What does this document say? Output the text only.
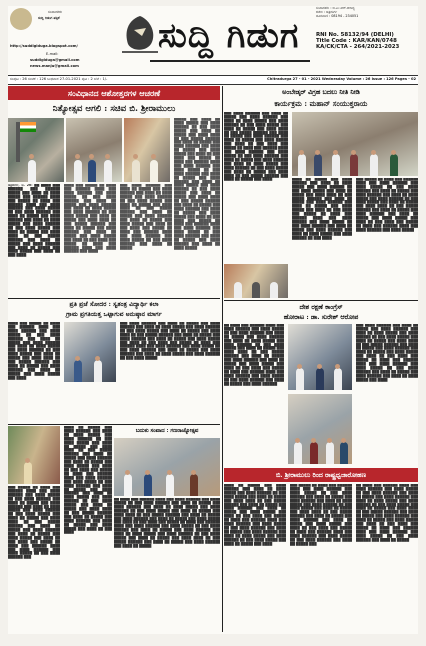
ಸಂಪಾದಕರು
ಸುದ್ದಿ ಗಿಡುಗ ಪತ್ರಿಕೆ
http://suddigiduga.blogspot.com/
E-mail:
suddigiduga@gmail.com
news.manju@gmail.com
ಸುದ್ದಿ ಗಿಡುಗ
ಸಂಪಾದಕರು : ಜಿ.ಎಂ.ಆರ್.ಆರಾಧ್ಯ
ಕಚೇರಿ : ಚಿತ್ರದುರ್ಗ
ದೂರವಾಣಿ : 08194 - 234051
RNI No. 58132/94 (DELHI)
Title Code : KAR/KAN/0748
KA/CK/CTA - 264/2021-2023
ಸಂಪುಟ : 26 ಸಂಚಿಕೆ : 126 ಬುಧವಾರ 27-01-2021 ಪುಟ : 2 ಬೆಲೆ : 1/-	Chitradurga 27 - 01 - 2021 Wednesday Volume : 26 Issue : 126 Pages - 02
ಸಂವಿಧಾನದ ಆಶೋತ್ತರಗಳ ಆಚರಣೆ
ನಿತ್ಯೋತ್ಸವ ಆಗಲಿ : ಸಚಿವ ಬಿ. ಶ್ರೀರಾಮುಲು
ಚಿತ್ರದುರ್ಗ, ಜ. 26: ██ ████ ███ ██████ ███ ██████ █████ ███ ████ ██ ████ █████ ███ ██████ ████ ███ █████ ██ ████ ███ ██████ ████ ███ ████ ██████ ███ ████ █████ ██ ███ ████ ██████ ███ ████ ██ █████ ███ ████ ██████ ███ ████ ██ ████ █████ ███ ████ ██████ ██ ███ ████ █████ ███ ████ ██ █████ ███ ████ ████ ██ ███ █████ ██████ ███ ████ ██ █████ ███ ████ ██████ ███ ████ ██ █████ ███ ████ █████ ███ ████ ██ ███ ████
████ ███ █████ ██ ████ ███ ██████ ████ ███ ████ ██████ ███ ████ █████ ██ ███ ████ ██████ ███ ████ ██ █████ ███ ████ ██████ ███ ████ ██ ████ █████ ███ ████ ██████ ██ ███ ████ █████ ███ ████ ██ █████ ███ ████ ████ ██ ███ █████ ██████ ███ ████ ██ █████ ███ ████ ██████ ███ ████ ██ █████ ███ ████ █████ ███ ████ ██ ███ ████ ███ █████ ██ ████ ███ ██████ ████ ███ ████ ██████ ███ ████
███ ████ ██████ ███ ████ ██ █████ ███ ████ ██████ ███ ████ ██ ████ █████ ███ ████ ██████ ██ ███ ████ █████ ███ ████ ██ █████ ███ ████ ████ ██ ███ █████ ██████ ███ ████ ██ █████ ███ ████ ██████ ███ ████ ██ █████ ███ ████ █████ ███ ████ ██ ███ ████ ███ █████ ██ ████ ███ ██████ ████ ███ ████ ██████ ███ ████ █████ ██ ███ ████ ██████ ███ ████ ██ █████
█████ ███ ████ ██ ████ █████ ███ ████ ██████ ██ ███ ████ █████ ███ ████ ██ █████ ███ ████ ████ ██ ███ █████ ██████ ███ ████ ██ █████ ███ ████ ██████ ███ ████ ██ █████ ███ ████ █████ ███ ████ ██ ███ ████ ███ █████ ██ ████ ███ ██████ ████ ███ ████ ██████ ███ ████ █████ ██ ███ ████ ██████ ███ ████ ██ █████ ███ ████ ██████ ███ ████ ██ ████ █████ ███ ████ ██████ ██ ███ ████ █████ ███ ████ ██ █████ ███ ████ ████ ██ ███ █████ ██████ ███ ████ ██ █████ ███ ████ ██████ ███ ████ ██ █████ ███ ████ █████ ███ ████ ██ ███ ████ ███ █████ ██ ████ ███ ██████ ████ ███ ████ ██████ ███ ████ █████ ██ ███ ████ ██████ ███ ████ ██ █████ ███ ████ ██████ ███ ████ ██ ████ █████
ಪ್ರತಿ ಪ್ರಜೆ ಸೋದರ : ಸ್ವತಂತ್ರ ವಿದ್ಯಾರ್ಥಿ ಕಲಾ
ಗ್ರಾಮ ಪ್ರಗತಿಯತ್ತ ಒಟ್ಟಾಗುವ ಅನುಷ್ಠಾನ ಮಾರ್ಗ
████ ███ █████ ██ ████ ███ ██████ ████ ███ ████ ██████ ███ ████ █████ ██ ███ ████ ██████ ███ ████ ██ █████ ███ ████ ██████ ███ ████ ██ ████ █████ ███ ████ ██████ ██ ███ ████ █████ ███ ████ ██ █████ ███ ████ ████ ██ ███ █████ ██████ ███ ████ ██ █████ ███ ████ ██████ ███ ████ ██ █████ ███ ████ █████ ███ ████
███ ████ ██████ ███ ████ ██ █████ ███ ████ ██████ ███ ████ ██ ████ █████ ███ ████ ██████ ██ ███ ████ █████ ███ ████ ██ █████ ███ ████ ████ ██ ███ █████ ██████ ███ ████ ██ █████ ███ ████ ██████ ███ ████ ██ █████ ███ ████ █████ ███ ████ ██ ███ ████ ███ █████ ██ ████ ███ ██████ ████ ███ ████ ██████ ███ ████ █████ ██ ███ ████ ██████ ███ ████ ██ █████ ███ ████ ██████ ███ ████ ██ ████ █████ ███ ████ ██████ ██ ███ ████ █████
ಬದುಕು ಸಂವಾದ : ಗಣರಾಜ್ಯೋತ್ಸವ
███ █████ ██ ████ ███ ██████ ████ ███ ████ ██████ ███ ████ █████ ██ ███ ████ ██████ ███ ████ ██ █████ ███ ████ ██████ ███ ████ ██ ████ █████ ███ ████ ██████ ██ ███ ████ █████ ███ ████ ██ █████ ███ ████ ████ ██ ███ █████ ██████ ███ ████ ██ █████ ███ ████ ██████ ███ ████ ██ █████ ███ ████ █████ ███ ████ ██ ███ ████ ███ █████ ██ ████ ███ ██████ ████ ███ ████ ██████ ███ ████ █████ ██ ███ ████ ██████ ███
████ ██ █████ ███ ████ ██████ ███ ████ ██ ████ █████ ███ ████ ██████ ██ ███ ████ █████ ███ ████ ██ █████ ███ ████ ████ ██ ███ █████ ██████ ███ ████ ██ █████ ███ ████ ██████ ███ ████ ██ █████ ███ ████ █████ ███ ████ ██ ███ ████ ███ █████ ██ ████ ███ ██████ ████ ███ ████ ██████ ███ ████ █████ ██ ███ ████ ██████ ███ ████ ██ █████ ███ ████ ██████ ███ ████ ██ ████ █████ ███ ████ ██████ ██ ███ ████ █████ ███ ████ ██ █████ ███ ████ ████ ██ ███ █████ ██████ ███ ████ ██ █████ ███ ████ ██████ ███ ████ ██ █████ ███ ████ █████ ███ ████ ██ ███ ████
██ ████ ███ ██████ ████ ███ ████ ██████ ███ ████ █████ ██ ███ ████ ██████ ███ ████ ██ █████ ███ ████ ██████ ███ ████ ██ ████ █████ ███ ████ ██████ ██ ███ ████ █████ ███ ████ ██ █████ ███ ████ ████ ██ ███ █████ ██████ ███ ████ ██ █████ ███ ████ ██████ ███ ████ ██ █████ ███ ████ █████ ███ ████ ██ ███ ████ ███ █████ ██ ████ ███ ██████ ████ ███ ████ ██████ ███ ████ █████ ██ ███ ████ ██████ ███ ████ ██ █████ ███ ████ ██████ ███ ████ ██ ████ █████ ███ ████ ██████ ██ ███ ████ █████ ███ ████ ██ █████ ███ ████ ████ ██ ███ █████ ██████ ███ ████ ██ █████ ███ ████ ██████ ███ ████ ██ █████
ಅಂಬೇಡ್ಕರ್ ವಿಗ್ರಹ ಬದಲು ನೀತಿ ನೀಡಿ
ಕಾರ್ಯಕ್ರಮ : ಮಹಾನ್ ಸಂಯುಕ್ತರಾಯ
███ ████ ██████ ███ ████ ██ █████ ███ ████ ██████ ███ ████ ██ ████ █████ ███ ████ ██████ ██ ███ ████ █████ ███ ████ ██ █████ ███ ████ ████ ██ ███ █████ ██████ ███ ████ ██ █████ ███ ████ ██████ ███ ████ ██ █████ ███ ████ █████ ███ ████ ██ ███ ████ ███ █████ ██ ████ ███ ██████ ████ ███ ████ ██████ ███ ████ █████ ██ ███ ████ ██████ ███ ████ ██ █████ ███ ████ ██████ ███ ████ ██ ████ █████ ███ ████ ██████ ██ ███ ████ █████ ███ ████ ██ █████ ███ ████ ████ ██ ███ █████ ██████ ███ ████ ██ █████ ███ ████	████ ██ █████ ███ ████ ██████ ███ ████ ██ ████ █████ ███ ████ ██████ ██ ███ ████ █████ ███ ████ ██ █████ ███ ████ ████ ██ ███ █████ ██████ ███ ████ ██ █████ ███ ████ ██████ ███ ████ ██ █████ ███ ████ █████ ███ ████ ██ ███ ████ ███ █████ ██ ████ ███ ██████ ████ ███ ████ ██████ ███ ████ █████ ██ ███ ████ ██████ ███ ████ ██ █████ ███ ████ ██████ ███ ████ ██ ████ █████ ███ ████ ██████ ██ ███ ████
███ █████ ██ ████ ███ ██████ ████ ███ ████ ██████ ███ ████ █████ ██ ███ ████ ██████ ███ ████ ██ █████ ███ ████ ██████ ███ ████ ██ ████ █████ ███ ████ ██████ ██ ███ ████ █████ ███ ████ ██ █████ ███ ████ ████ ██ ███ █████ ██████ ███ ████ ██ █████ ███ ████ ██████ ███ ████ ██ █████ ███ ████ █████ ███ ████ ██ ███ ████ ███ █████ ██ ████ ███ ██████ ████ ███ ████ ██████ ███ ████ █████
ದೇಶ ರಕ್ಷಣೆ ಕಾಂಗ್ರೆಸ್
ಹೋರಾಟ : ಡಾ. ಸುರೇಶ್ ಆರೋಪ
██ ████ ███ ██████ ████ ███ ████ ██████ ███ ████ █████ ██ ███ ████ ██████ ███ ████ ██ █████ ███ ████ ██████ ███ ████ ██ ████ █████ ███ ████ ██████ ██ ███ ████ █████ ███ ████ ██ █████ ███ ████ ████ ██ ███ █████ ██████ ███ ████ ██ █████ ███ ████ ██████ ███ ████ ██ █████ ███ ████ █████ ███ ████ ██ ███ ████ ███ █████ ██ ████ ███ ██████ ████ ███ ████ ██████ ███ ████ █████ ██ ███ ████ ██████ ███ ████ ██ █████ ███ ████ ██████
███ ████ ██████ ███ ████ ██ █████ ███ ████ ██████ ███ ████ ██ ████ █████ ███ ████ ██████ ██ ███ ████ █████ ███ ████ ██ █████ ███ ████ ████ ██ ███ █████ ██████ ███ ████ ██ █████ ███ ████ ██████ ███ ████ ██ █████ ███ ████ █████ ███ ████ ██ ███ ████ ███ █████ ██ ████ ███ ██████ ████ ███ ████ ██████ ███ ████ █████ ██ ███ ████ ██████ ███ ████ ██ █████ ███ ████ ██████ ███ ████ ██ ████ █████ ███ ████
ಬಿ. ಶ್ರೀರಾಮುಲು ರಿಂದ ರಾಷ್ಟ್ರಧ್ವಜಾರೋಹಣ
████ ██ █████ ███ ████ ██████ ███ ████ ██ ████ █████ ███ ████ ██████ ██ ███ ████ █████ ███ ████ ██ █████ ███ ████ ████ ██ ███ █████ ██████ ███ ████ ██ █████ ███ ████ ██████ ███ ████ ██ █████ ███ ████ █████ ███ ████ ██ ███ ████ ███ █████ ██ ████ ███ ██████ ████ ███ ████ ██████ ███ ████ █████ ██ ███ ████ ██████ ███ ████ ██ █████ ███ ████ ██████ ███ ████ ██ ████ █████ ███ ████ ██████ ██ ███ ████ █████ ███ ████ ██ █████ ███ ████
███ █████ ██ ████ ███ ██████ ████ ███ ████ ██████ ███ ████ █████ ██ ███ ████ ██████ ███ ████ ██ █████ ███ ████ ██████ ███ ████ ██ ████ █████ ███ ████ ██████ ██ ███ ████ █████ ███ ████ ██ █████ ███ ████ ████ ██ ███ █████ ██████ ███ ████ ██ █████ ███ ████ ██████ ███ ████ ██ █████ ███ ████ █████ ███ ████ ██ ███ ████ ███ █████ ██ ████ ███ ██████ ████ ███ ████ ██████ ███ ████ █████ ██ ███ ████ ██████ ███ ████ ██ █████ ███
██ ████ ███ ██████ ████ ███ ████ ██████ ███ ████ █████ ██ ███ ████ ██████ ███ ████ ██ █████ ███ ████ ██████ ███ ████ ██ ████ █████ ███ ████ ██████ ██ ███ ████ █████ ███ ████ ██ █████ ███ ████ ████ ██ ███ █████ ██████ ███ ████ ██ █████ ███ ████ ██████ ███ ████ ██ █████ ███ ████ █████ ███ ████ ██ ███ ████ ███ █████ ██ ████ ███ ██████ ████ ███ ████ ██████ ███ ████ █████ ██ ███ ████ ██████ ███ ████ ██ █████
